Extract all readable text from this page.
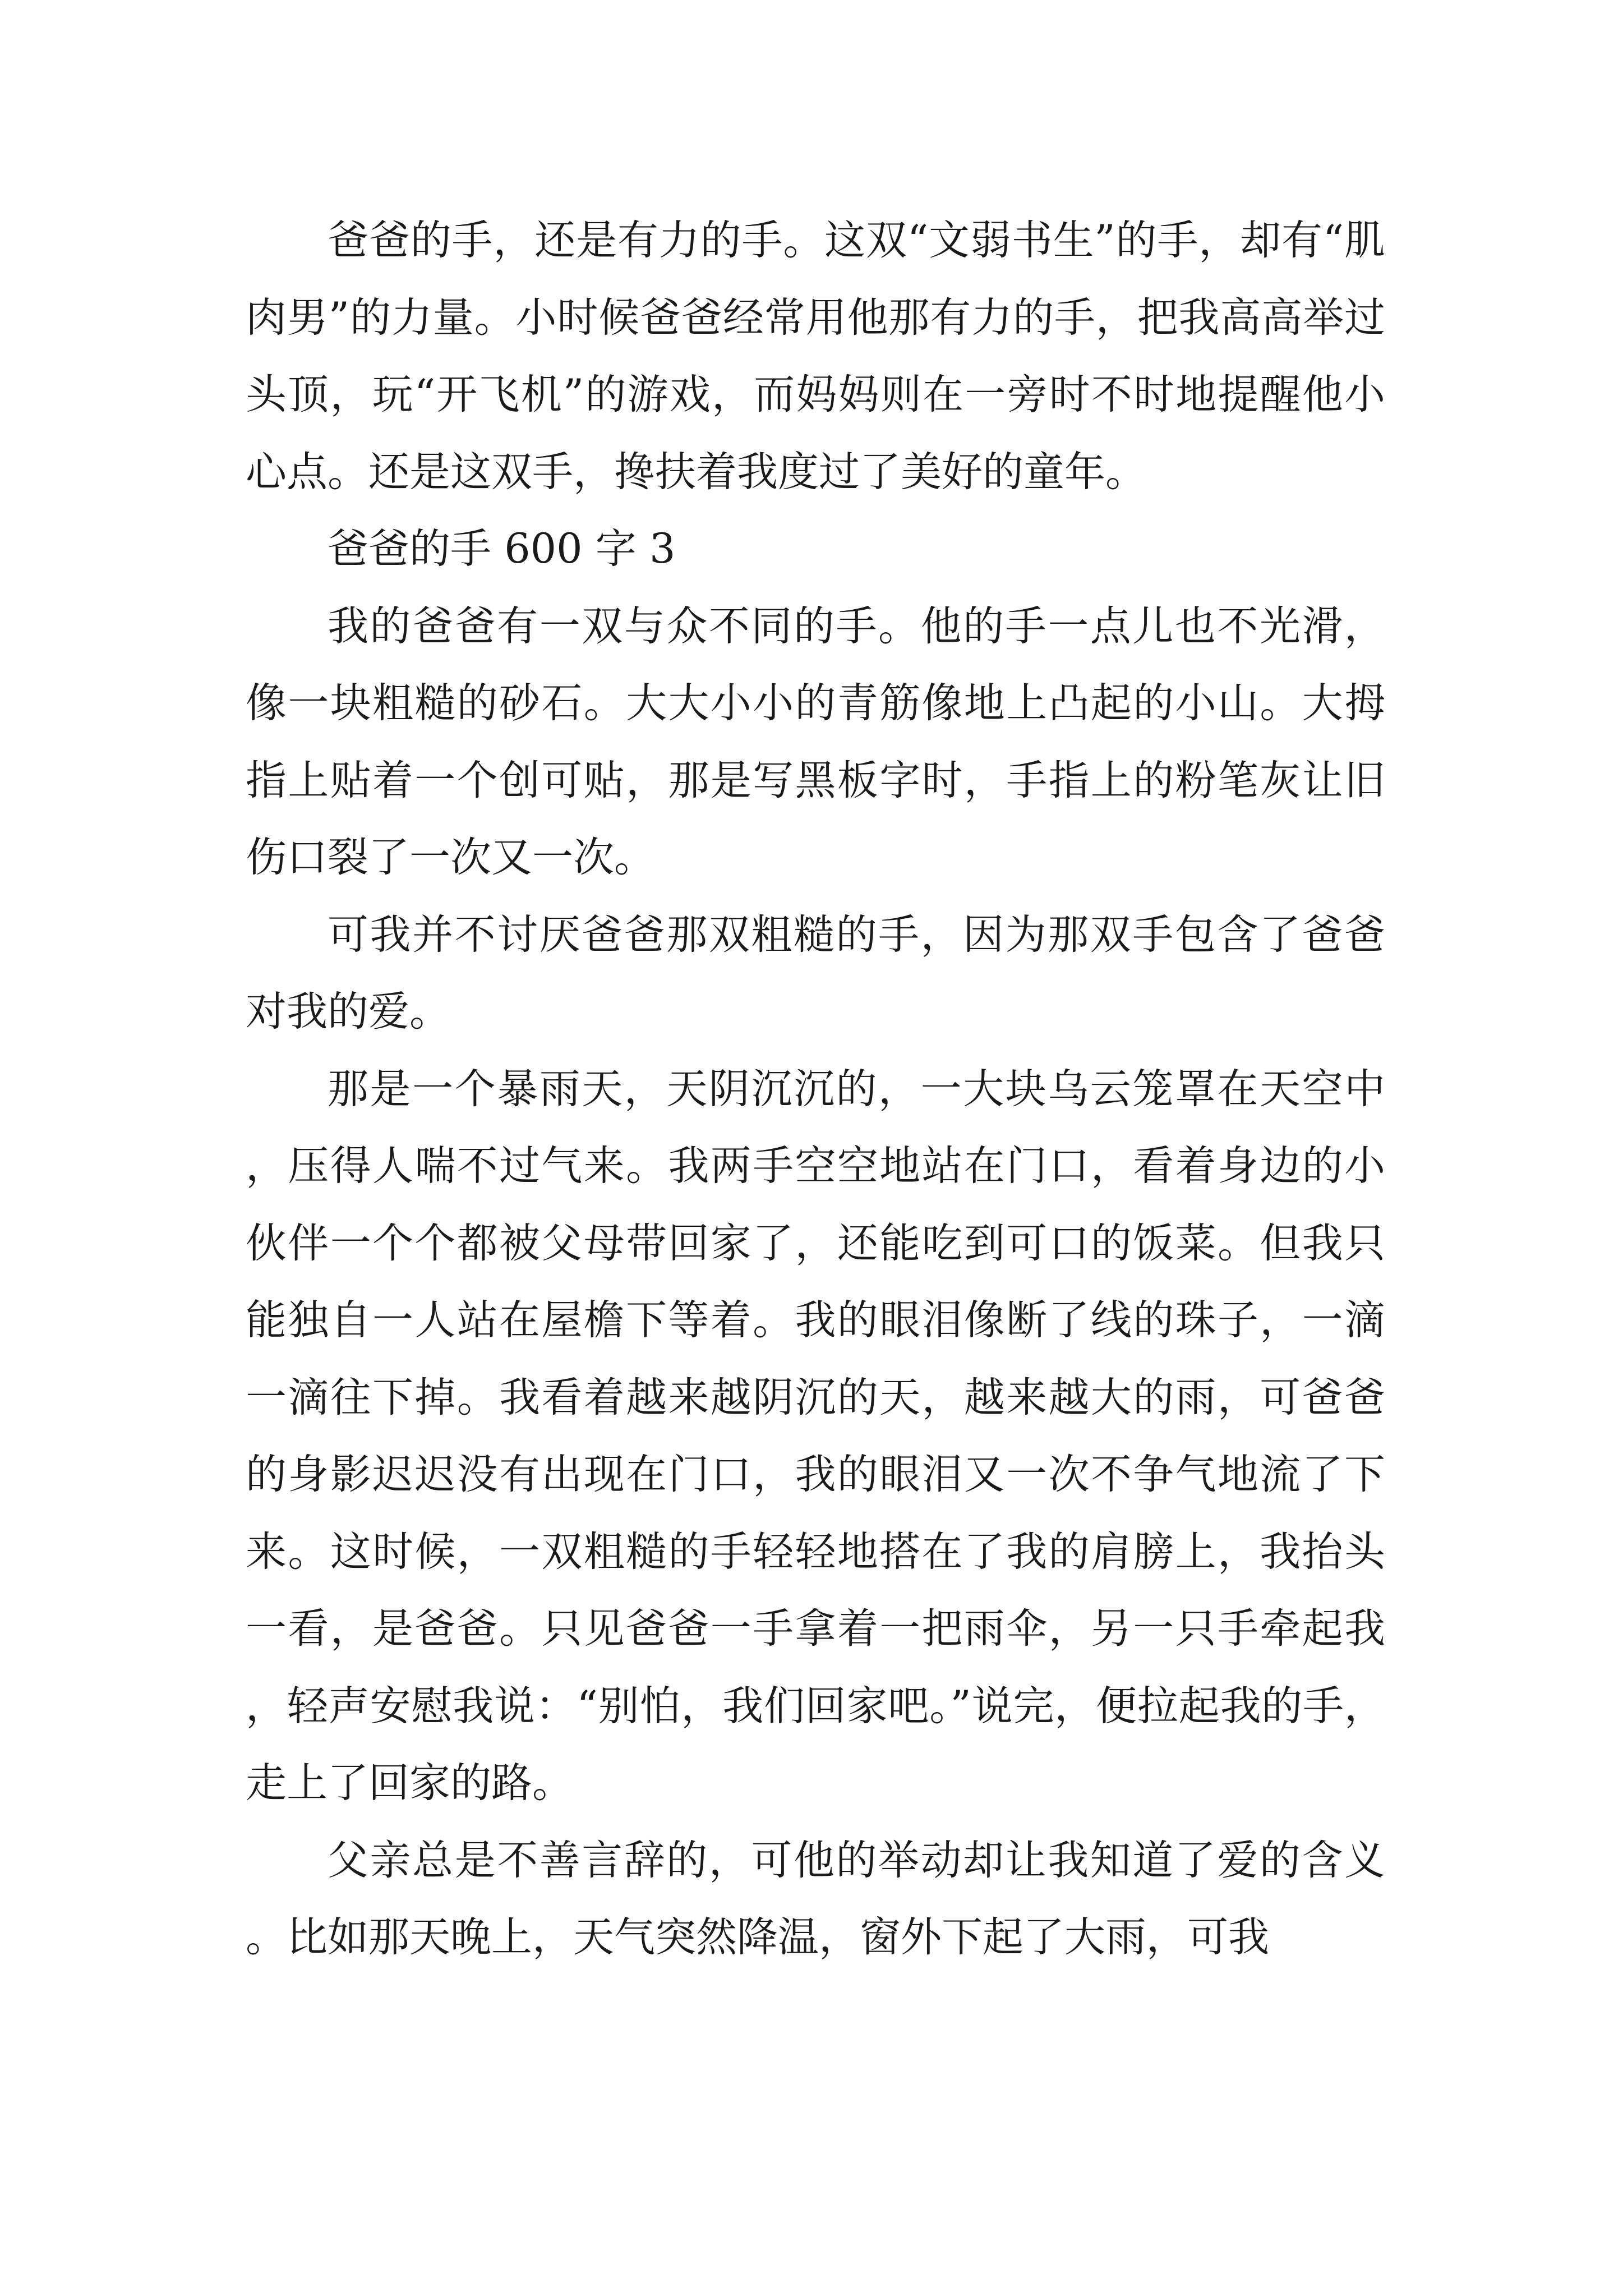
爸爸的手，还是有力的手。这双“文弱书生”的手，却有“肌肉男”的力量。小时候爸爸经常用他那有力的手，把我高高举过头顶，玩“开飞机”的游戏，而妈妈则在一旁时不时地提醒他小心点。还是这双手，搀扶着我度过了美好的童年。

爸爸的手 600 字 3

我的爸爸有一双与众不同的手。他的手一点儿也不光滑，像一块粗糙的砂石。大大小小的青筋像地上凸起的小山。大拇指上贴着一个创可贴，那是写黑板字时，手指上的粉笔灰让旧伤口裂了一次又一次。

可我并不讨厌爸爸那双粗糙的手，因为那双手包含了爸爸对我的爱。

那是一个暴雨天，天阴沉沉的，一大块乌云笼罩在天空中，压得人喘不过气来。我两手空空地站在门口，看着身边的小伙伴一个个都被父母带回家了，还能吃到可口的饭菜。但我只能独自一人站在屋檐下等着。我的眼泪像断了线的珠子，一滴一滴往下掉。我看着越来越阴沉的天，越来越大的雨，可爸爸的身影迟迟没有出现在门口，我的眼泪又一次不争气地流了下来。这时候，一双粗糙的手轻轻地搭在了我的肩膀上，我抬头一看，是爸爸。只见爸爸一手拿着一把雨伞，另一只手牵起我，轻声安慰我说：“别怕，我们回家吧。”说完，便拉起我的手，走上了回家的路。

父亲总是不善言辞的，可他的举动却让我知道了爱的含义。比如那天晚上，天气突然降温，窗外下起了大雨，可我
